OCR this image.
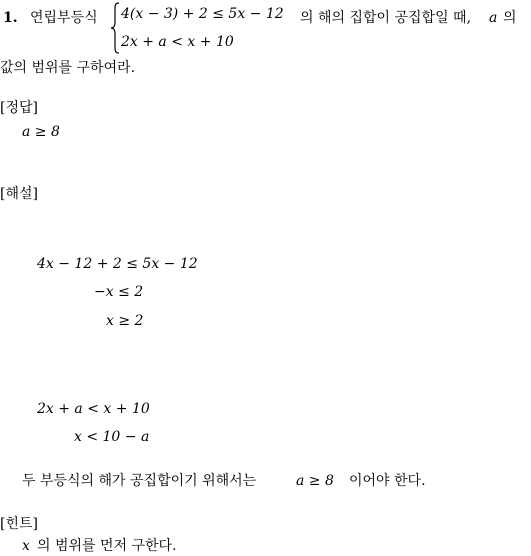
1. 연립부등식 4(x − 3) + 2 ≤ 5x − 12
2x + a < x + 10
의 해의 집합이 공집합일 때, a 의
값의 범위를 구하여라.
[정답]
a ≥ 8
[해설]
4x − 12 + 2 ≤ 5x − 12
−x ≤ 2
x ≥ 2
2x + a < x + 10
x < 10 − a
두 부등식의 해가 공집합이기 위해서는	a ≥ 8 이어야 한다.
[힌트]
x 의 범위를 먼저 구한다.
